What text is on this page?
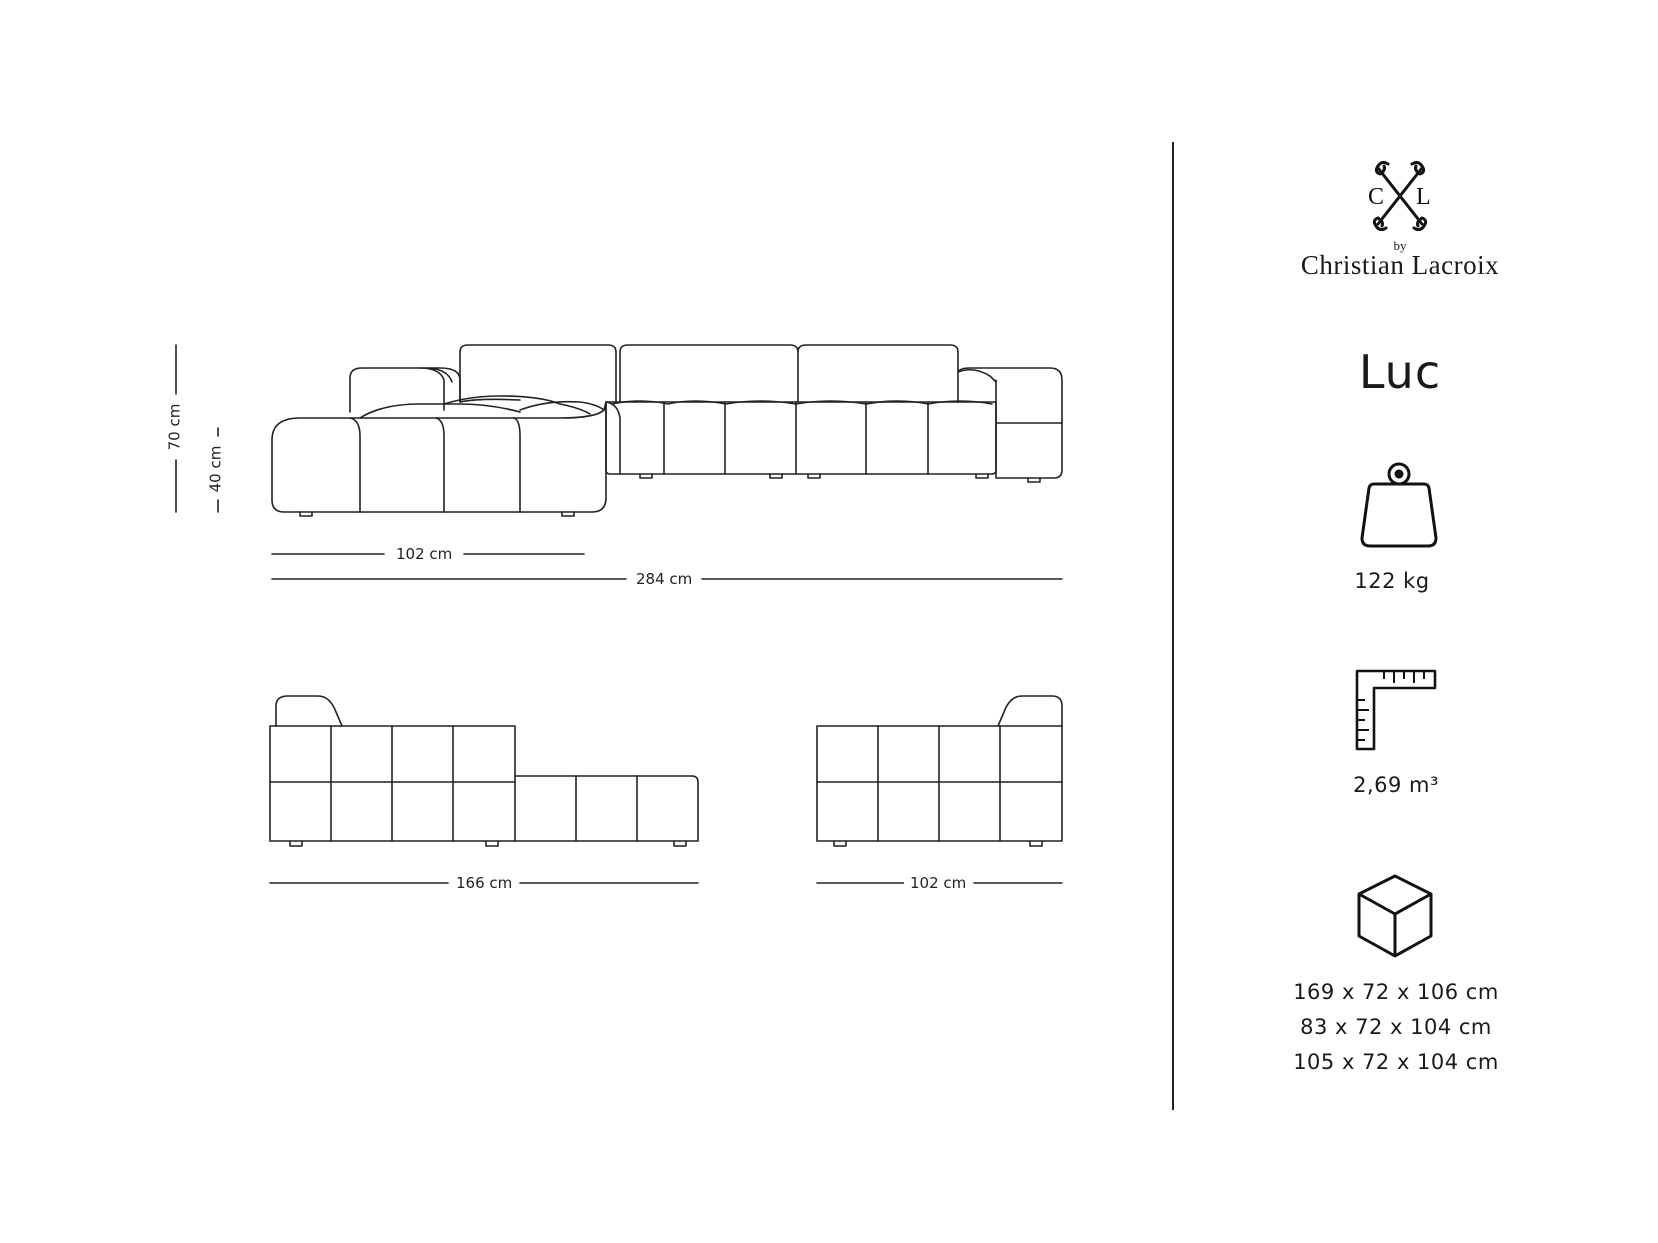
70 cm
40 cm
102 cm
284 cm
166 cm	102 cm
C L
by
Christian Lacroix
Luc
122 kg
2,69 m³
169 x 72 x 106 cm
83 x 72 x 104 cm
105 x 72 x 104 cm
